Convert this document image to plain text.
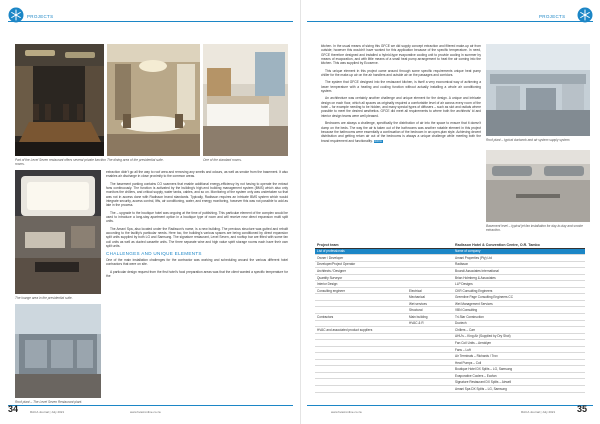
PROJECTS
Part of the Level Seven restaurant offers several private function rooms.
The dining area of the presidential suite.	One of the standard rooms.
The lounge area in the presidential suite.
Roof plant – The Level Seven Restaurant plant.

extraction didn't go all the way to roof area and removing any smells and odours, as well as smoke from the basement. It also enables air discharge in close proximity to the common areas.

The basement parking contains CO scanners that enable additional energy-efficiency by not having to operate the extract fans continuously. The function is activated by the building's high-end building management system (BMS) which also only monitors the chillers, and critical supply, water tanks, cables, and so on. Monitoring of the system only was undertaken so that was not in access done with Radisson brand standards. Typically, Radisson requires an intricate BMS system which would integrate security, access control, lifts, air conditioning, water, and energy monitoring, however this was not possible to add as late in the process.

The – upgrade to the boutique hotel was ongoing at the time of publishing. This particular element of the complex would be used to introduce a long-stay apartment option in a boutique type of room and will receive new direct expansion multi split units.

The Amani Spa, also located under the Radisson's name, is a new building. The previous structure was gutted and rebuilt according to the facility's particular needs. Here too, the building's various spaces are being conditioned by direct expansion split units supplied by both LG and Samsung. The signature restaurant, Level Seven, and rooftop bar are fitted with some fan coil units as well as ducted cassette units. The three separate wine and high value spirit storage rooms each have their own split units.

CHALLENGES AND UNIQUE ELEMENTS

One of the main installation challenges for the contractor was working and scheduling around the various different hotel contractors that were on site.

A particular design request from the first hotel's food preparation areas was that the client wanted a specific temperature for the

34	RACA Journal | July 2021	www.hvacronline.co.za
PROJECTS

kitchen. In the usual means of sizing this GFCE we did supply concept extraction and filtered make-up air from outside; however this wouldn't have worked for this application because of the specific temperature. In need, GFCE therefore designed and installed a hybrid-type evaporative cooling unit to provide cooling in summer by means of evaporation, and with little means of a small heat pump arrangement to heat the air coming into the kitchen. This was supplied by Ecoserve.

This unique element in this project came around through some specific requirements unique heat pump chiller for the make-up air on the air handlers and outside air on the passages and corridors.

The system that GFCE designed into the restaurant kitchen, is itself a very economical way of achieving a lower temperature with a heating and cooling function without actually installing a whole air conditioning system.

An architecture was certainly another challenge and unique element for the design. A unique and intricate design on each floor, which all spaces as originally required a comfortable level of air across every room of the hotel – for example needing to be hidden, and many special types of diffusers – such as slot and radials where possible to meet the desired aesthetics. GFCE did meet all requirements to where both the architects' id and interior design teams were well pleased.

Bedrooms are always a challenge, specifically the distribution of air into the space to ensure that it doesn't dump on the beds. The way the air is taken out of the bathrooms was another notable element in this project because the bathrooms were essentially a continuation of the bedroom in an open-plan style. Achieving decent distribution and getting return air out of the bedrooms is always a unique challenge while meeting both the brand requirement and functionality. RACA	Roof plant – typical ductwork and air system supply system.
Basement level – typical jet fan installation for day-to-day and smoke extraction.
Project team		Radisson Hotel & Convention Centre, O.R. Tambo
List of professionals		Name of company
Owner / Developer		Amani Properties (Pty) Ltd
Developer/Project Operator		Radisson
Architects / Designer		Boundi Associates International
Quantity Surveyor		Brian Holmberg & Associates
Interior Design		LLP Designs
Consulting engineer	Electrical	CKR Consulting Engineers
	Mechanical	Greenline Page Consulting Engineers CC
	Wet services	Wet Management Services
	Structural	VBN Consulting
Contractors	Main building	Tri-Star Construction
	HVAC & R	Ductech
HVAC and associated product suppliers		Chillers – Carr
		AHU's – King Air (Supplied by Dry Shot)
		Fan Coil Units – Aeroklym
		Fans – Luft
		Air Terminals – Richards / Trox
		Heat Pumps – Coil
		Boutique Hotel DX Splits – LG, Samsung
		Evaporative Coolers – Ecofan
		Signature Restaurant DX Splits – Airwell
		Amani Spa DX Splits – LG, Samsung
www.hvacronline.co.za	RACA Journal | July 2021 35
